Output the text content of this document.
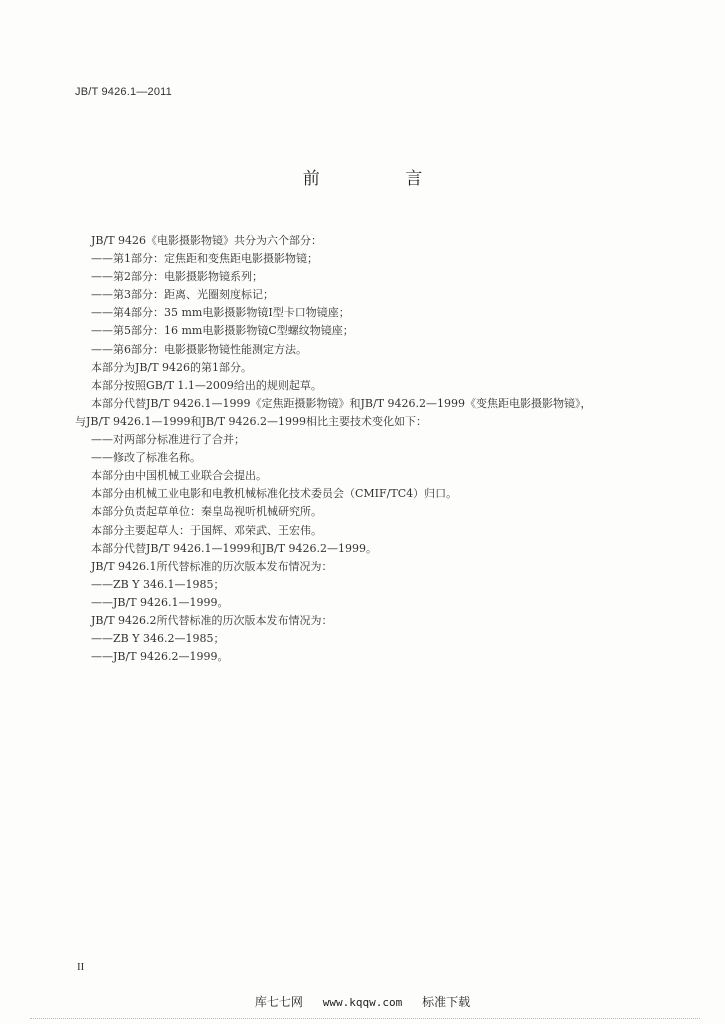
JB/T 9426.1—2011
前 言
JB/T 9426《电影摄影物镜》共分为六个部分：
——第1部分：定焦距和变焦距电影摄影物镜；
——第2部分：电影摄影物镜系列；
——第3部分：距离、光圈刻度标记；
——第4部分：35 mm电影摄影物镜Ⅰ型卡口物镜座；
——第5部分：16 mm电影摄影物镜C型螺纹物镜座；
——第6部分：电影摄影物镜性能测定方法。
本部分为JB/T 9426的第1部分。
本部分按照GB/T 1.1—2009给出的规则起草。
本部分代替JB/T 9426.1—1999《定焦距摄影物镜》和JB/T 9426.2—1999《变焦距电影摄影物镜》，
与JB/T 9426.1—1999和JB/T 9426.2—1999相比主要技术变化如下：
——对两部分标准进行了合并；
——修改了标准名称。
本部分由中国机械工业联合会提出。
本部分由机械工业电影和电教机械标准化技术委员会（CMIF/TC4）归口。
本部分负责起草单位：秦皇岛视听机械研究所。
本部分主要起草人：于国辉、邓荣武、王宏伟。
本部分代替JB/T 9426.1—1999和JB/T 9426.2—1999。
JB/T 9426.1所代替标准的历次版本发布情况为：
——ZB Y 346.1—1985；
——JB/T 9426.1—1999。
JB/T 9426.2所代替标准的历次版本发布情况为：
——ZB Y 346.2—1985；
——JB/T 9426.2—1999。
II
库七七网 www.kqqw.com 标准下载
